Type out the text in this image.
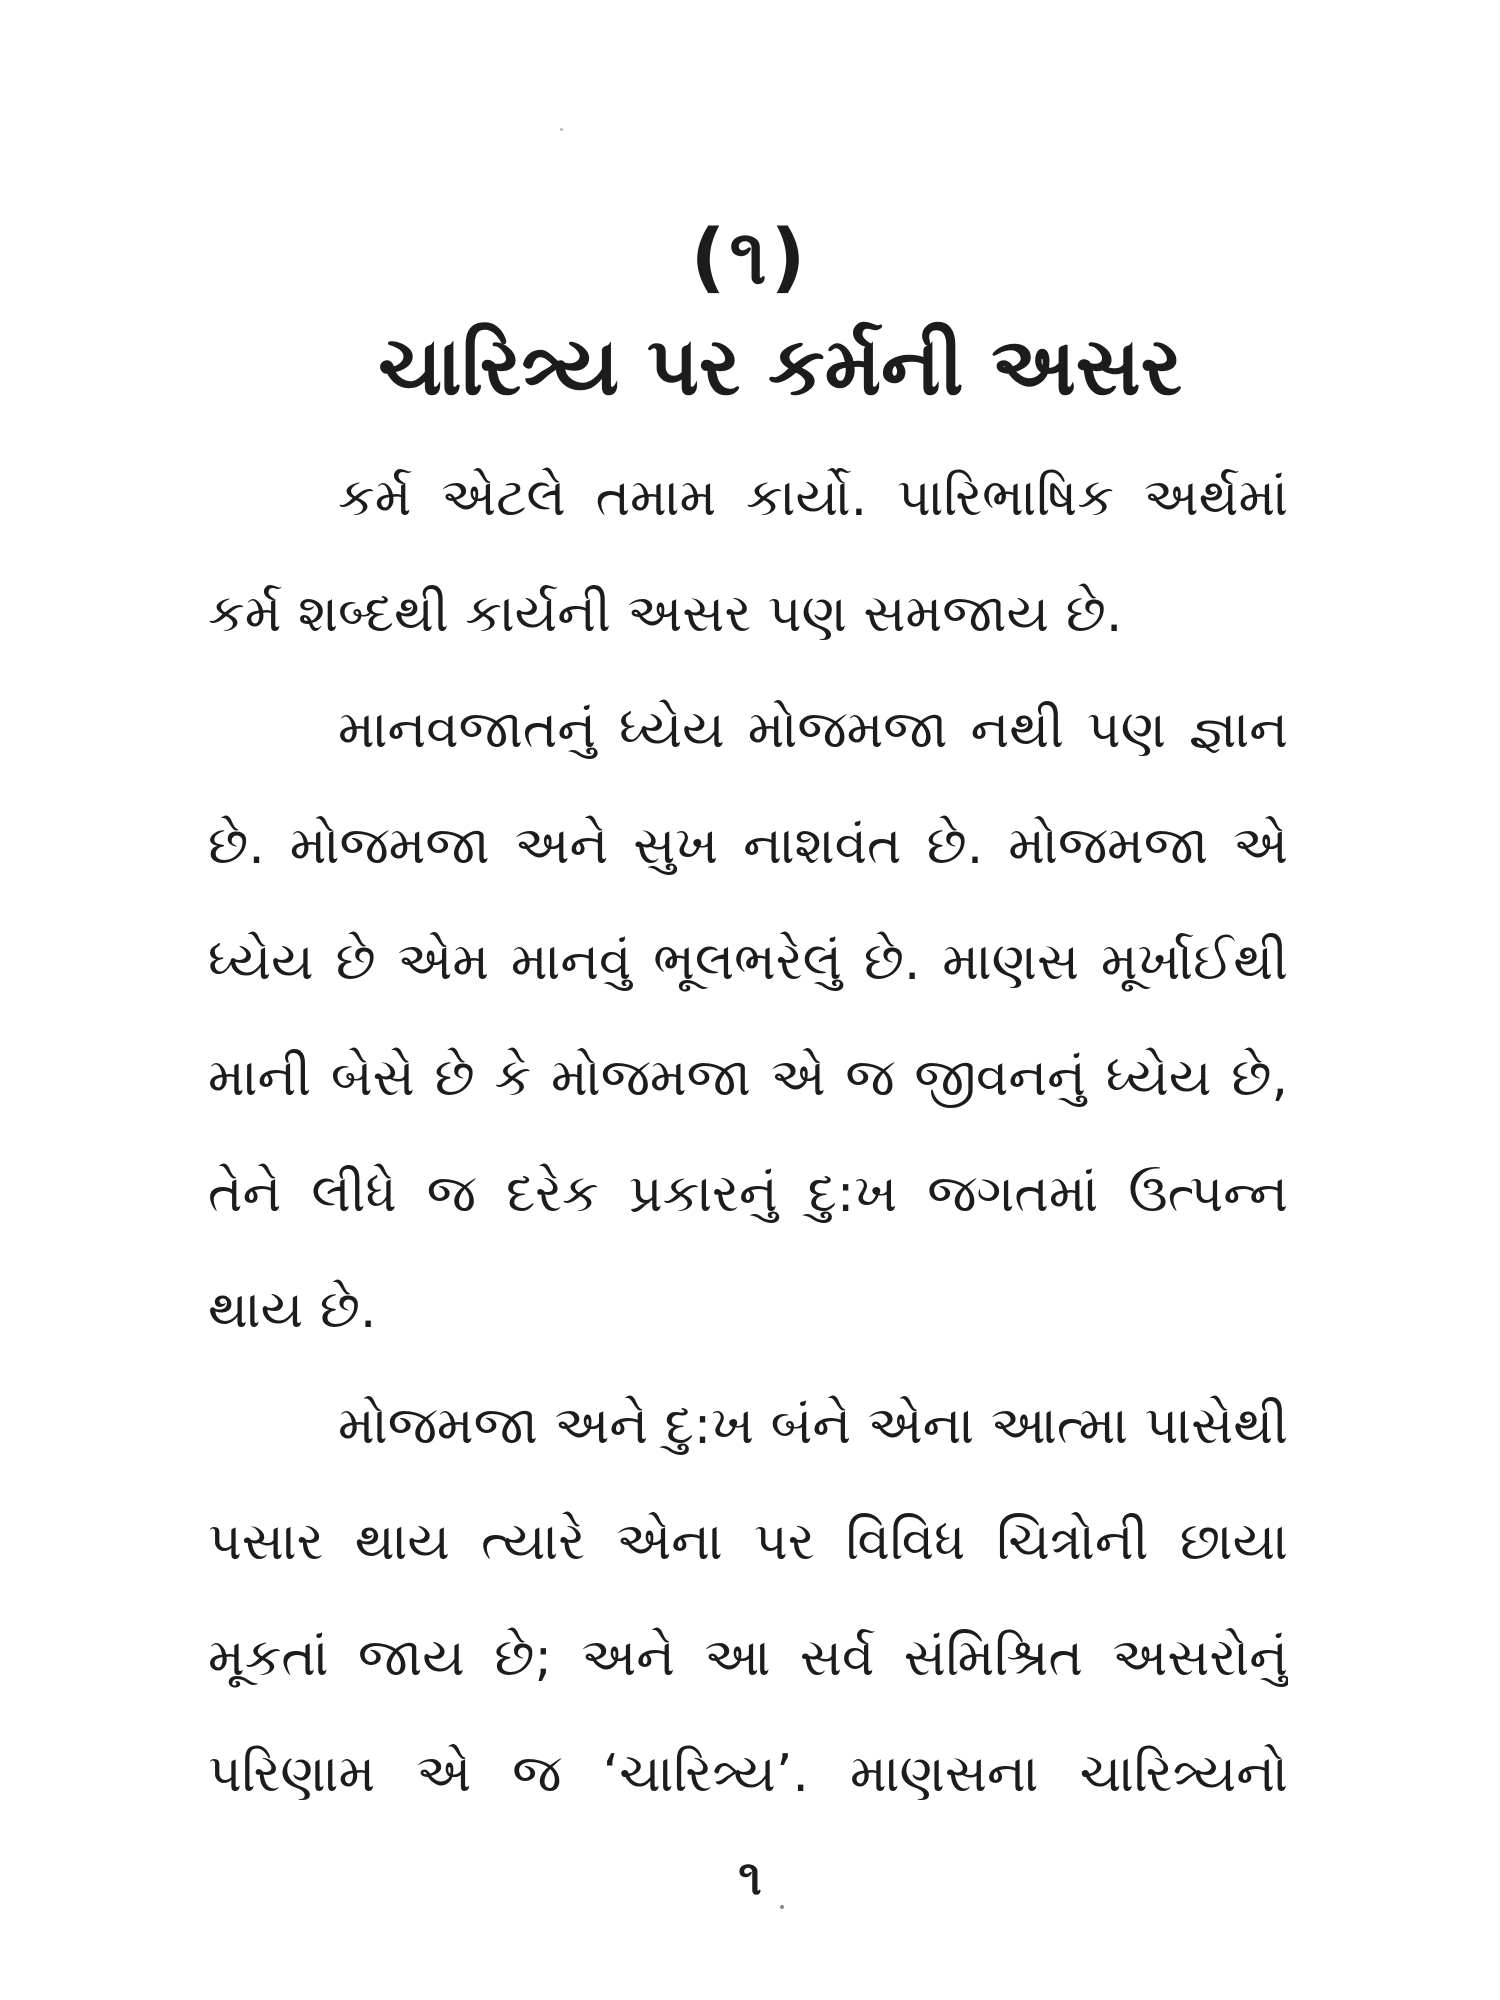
(૧)
ચારિત્ર્ય પર કર્મની અસર
કર્મ એટલે તમામ કાર્યો. પારિભાષિક અર્થમાં
કર્મ શબ્દથી કાર્યની અસર પણ સમજાય છે.
માનવજાતનું ધ્યેય મોજમજા નથી પણ જ્ઞાન
છે. મોજમજા અને સુખ નાશવંત છે. મોજમજા એ
ધ્યેય છે એમ માનવું ભૂલભરેલું છે. માણસ મૂર્ખાઈથી
માની બેસે છે કે મોજમજા એ જ જીવનનું ધ્યેય છે,
તેને લીધે જ દરેક પ્રકારનું દુ:ખ જગતમાં ઉત્પન્ન
થાય છે.
મોજમજા અને દુ:ખ બંને એના આત્મા પાસેથી
પસાર થાય ત્યારે એના પર વિવિધ ચિત્રોની છાયા
મૂકતાં જાય છે; અને આ સર્વ સંમિશ્રિત અસરોનું
પરિણામ એ જ ‘ચારિત્ર્ય’. માણસના ચારિત્ર્યનો
૧
